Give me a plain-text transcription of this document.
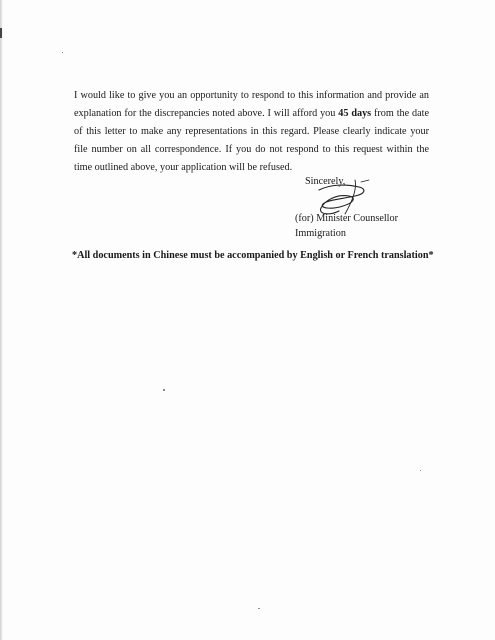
I would like to give you an opportunity to respond to this information and provide an explanation for the discrepancies noted above. I will afford you 45 days from the date of this letter to make any representations in this regard. Please clearly indicate your file number on all correspondence. If you do not respond to this request within the time outlined above, your application will be refused.

Sincerely,
(for) Minister Counsellor
Immigration
*All documents in Chinese must be accompanied by English or French translation*
